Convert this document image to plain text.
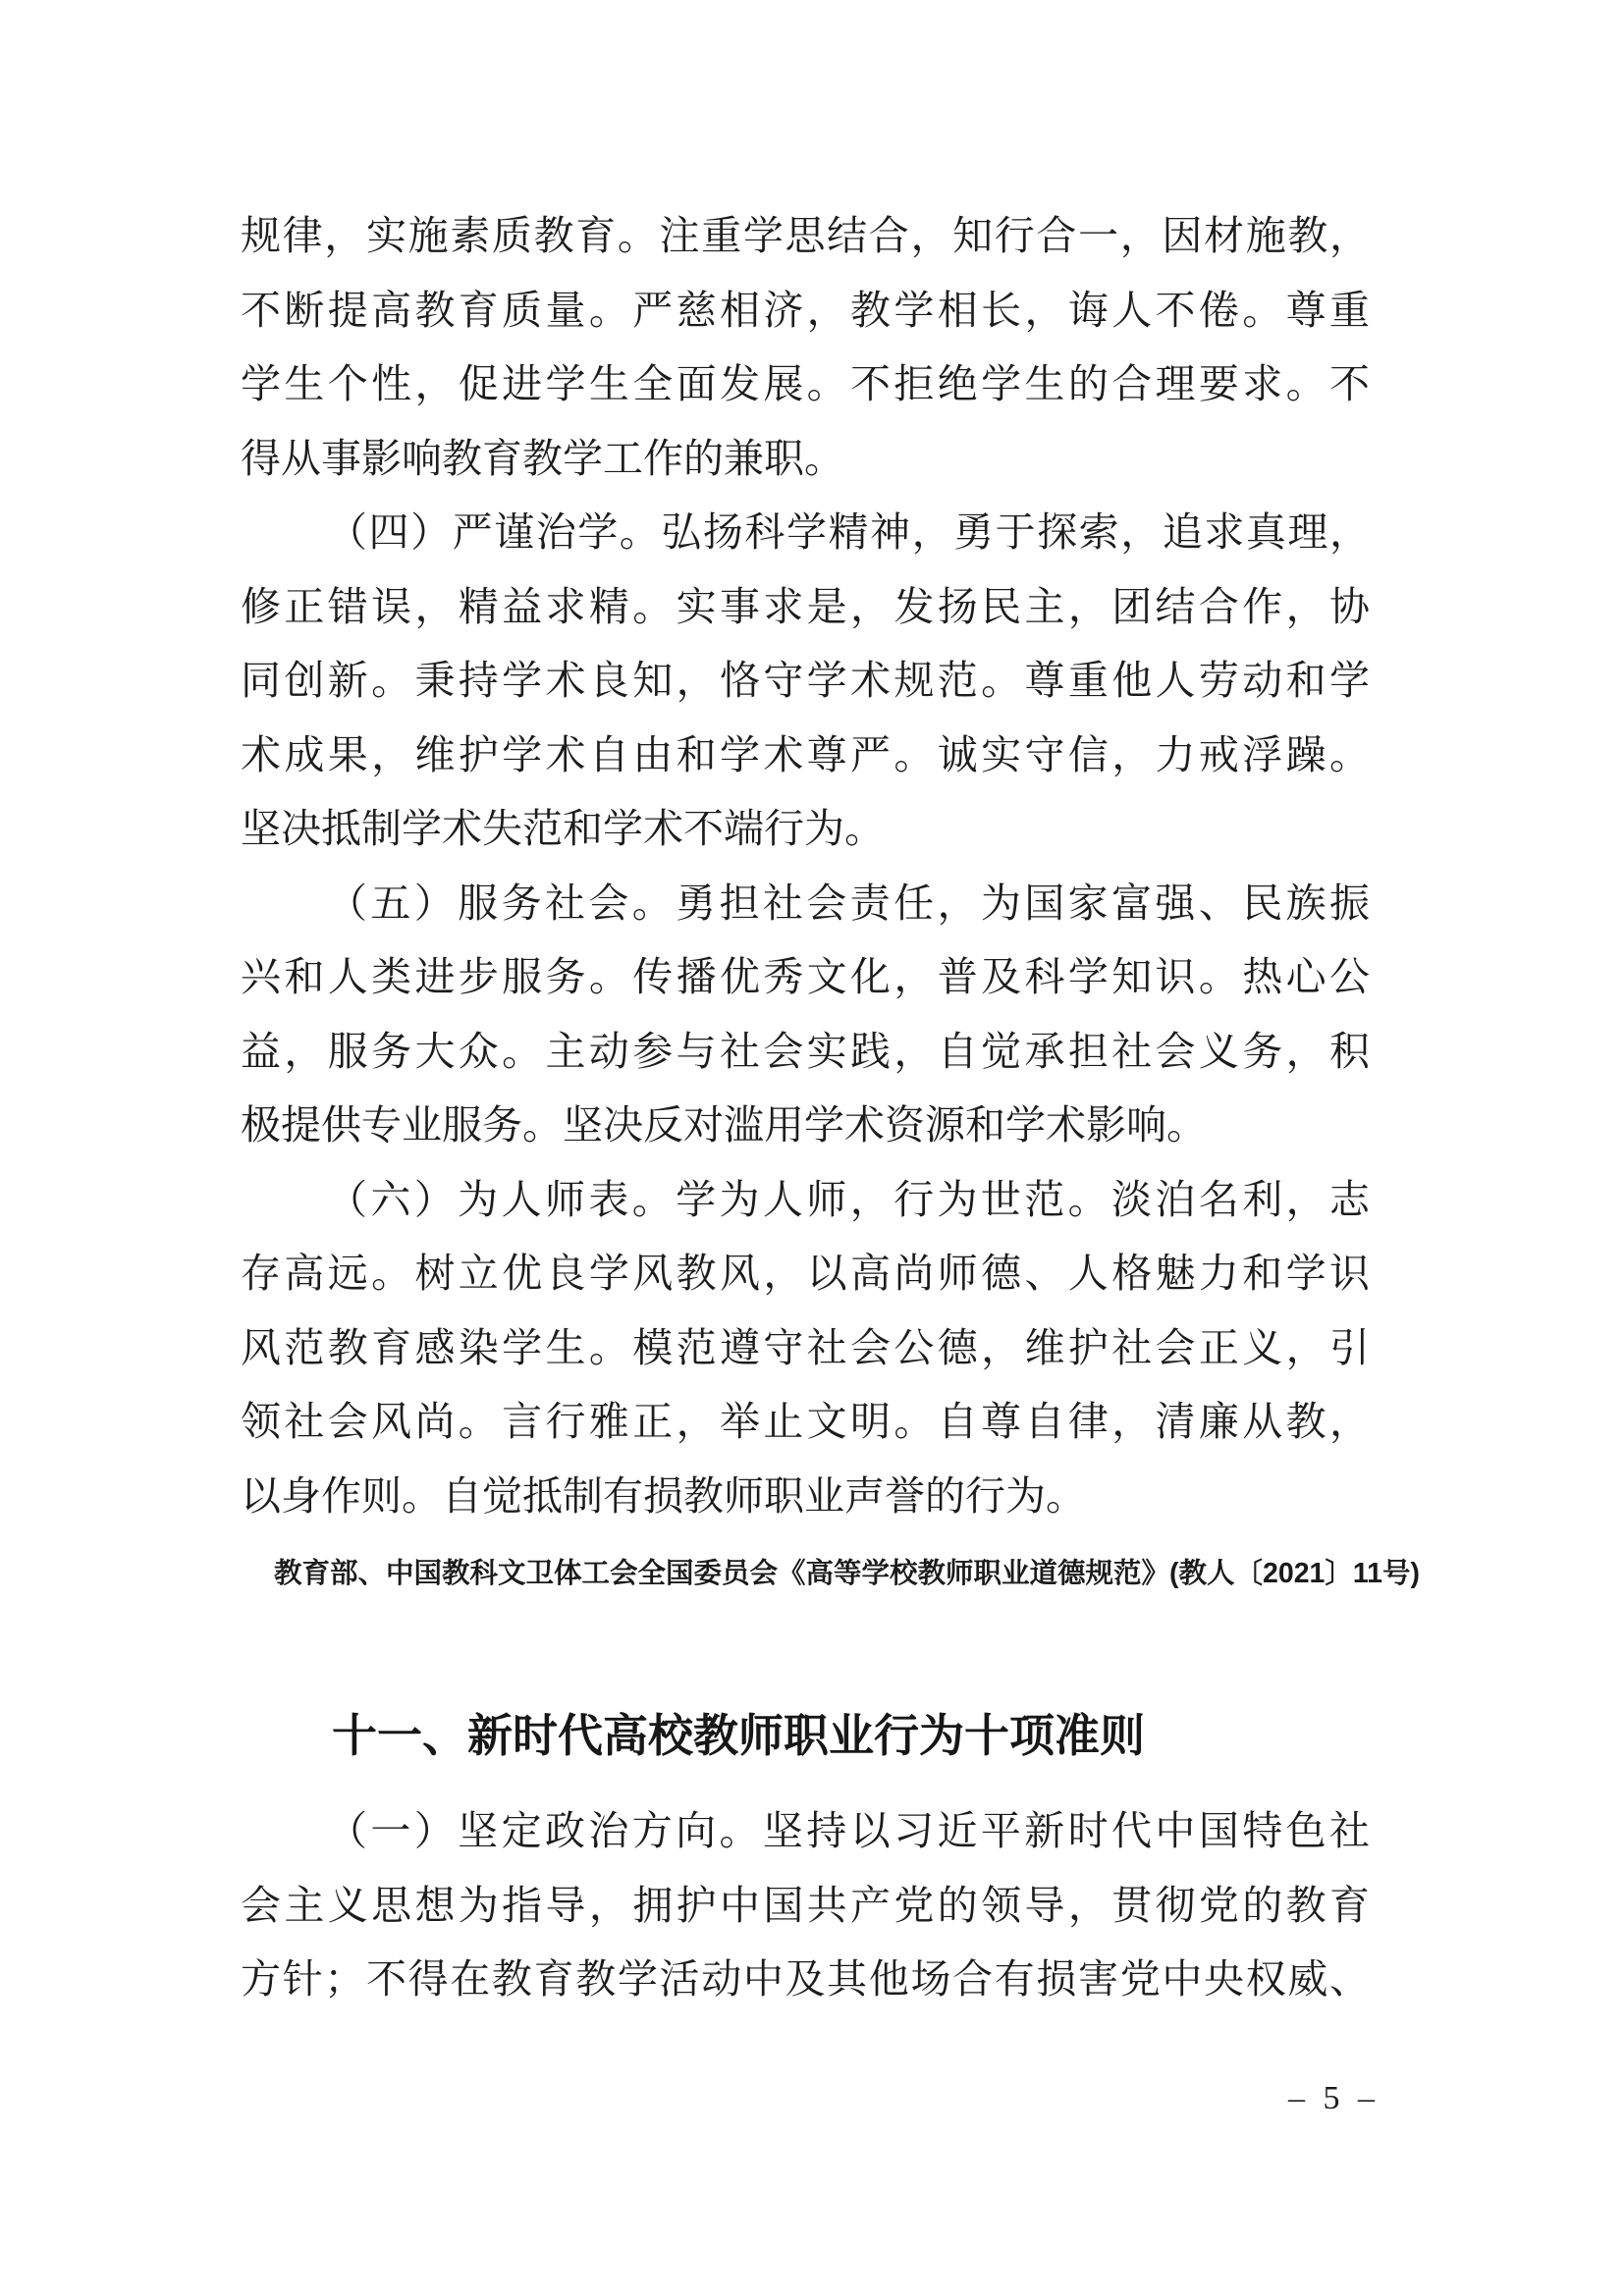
规律，实施素质教育。注重学思结合，知行合一，因材施教，
不断提高教育质量。严慈相济，教学相长，诲人不倦。尊重
学生个性，促进学生全面发展。不拒绝学生的合理要求。不
得从事影响教育教学工作的兼职。

（四）严谨治学。弘扬科学精神，勇于探索，追求真理，
修正错误，精益求精。实事求是，发扬民主，团结合作，协
同创新。秉持学术良知，恪守学术规范。尊重他人劳动和学
术成果，维护学术自由和学术尊严。诚实守信，力戒浮躁。
坚决抵制学术失范和学术不端行为。

（五）服务社会。勇担社会责任，为国家富强、民族振
兴和人类进步服务。传播优秀文化，普及科学知识。热心公
益，服务大众。主动参与社会实践，自觉承担社会义务，积
极提供专业服务。坚决反对滥用学术资源和学术影响。

（六）为人师表。学为人师，行为世范。淡泊名利，志
存高远。树立优良学风教风，以高尚师德、人格魅力和学识
风范教育感染学生。模范遵守社会公德，维护社会正义，引
领社会风尚。言行雅正，举止文明。自尊自律，清廉从教，
以身作则。自觉抵制有损教师职业声誉的行为。

教育部、中国教科文卫体工会全国委员会《高等学校教师职业道德规范》(教人〔2021〕11号)
十一、新时代高校教师职业行为十项准则

（一）坚定政治方向。坚持以习近平新时代中国特色社
会主义思想为指导，拥护中国共产党的领导，贯彻党的教育
方针；不得在教育教学活动中及其他场合有损害党中央权威、

– 5 –
